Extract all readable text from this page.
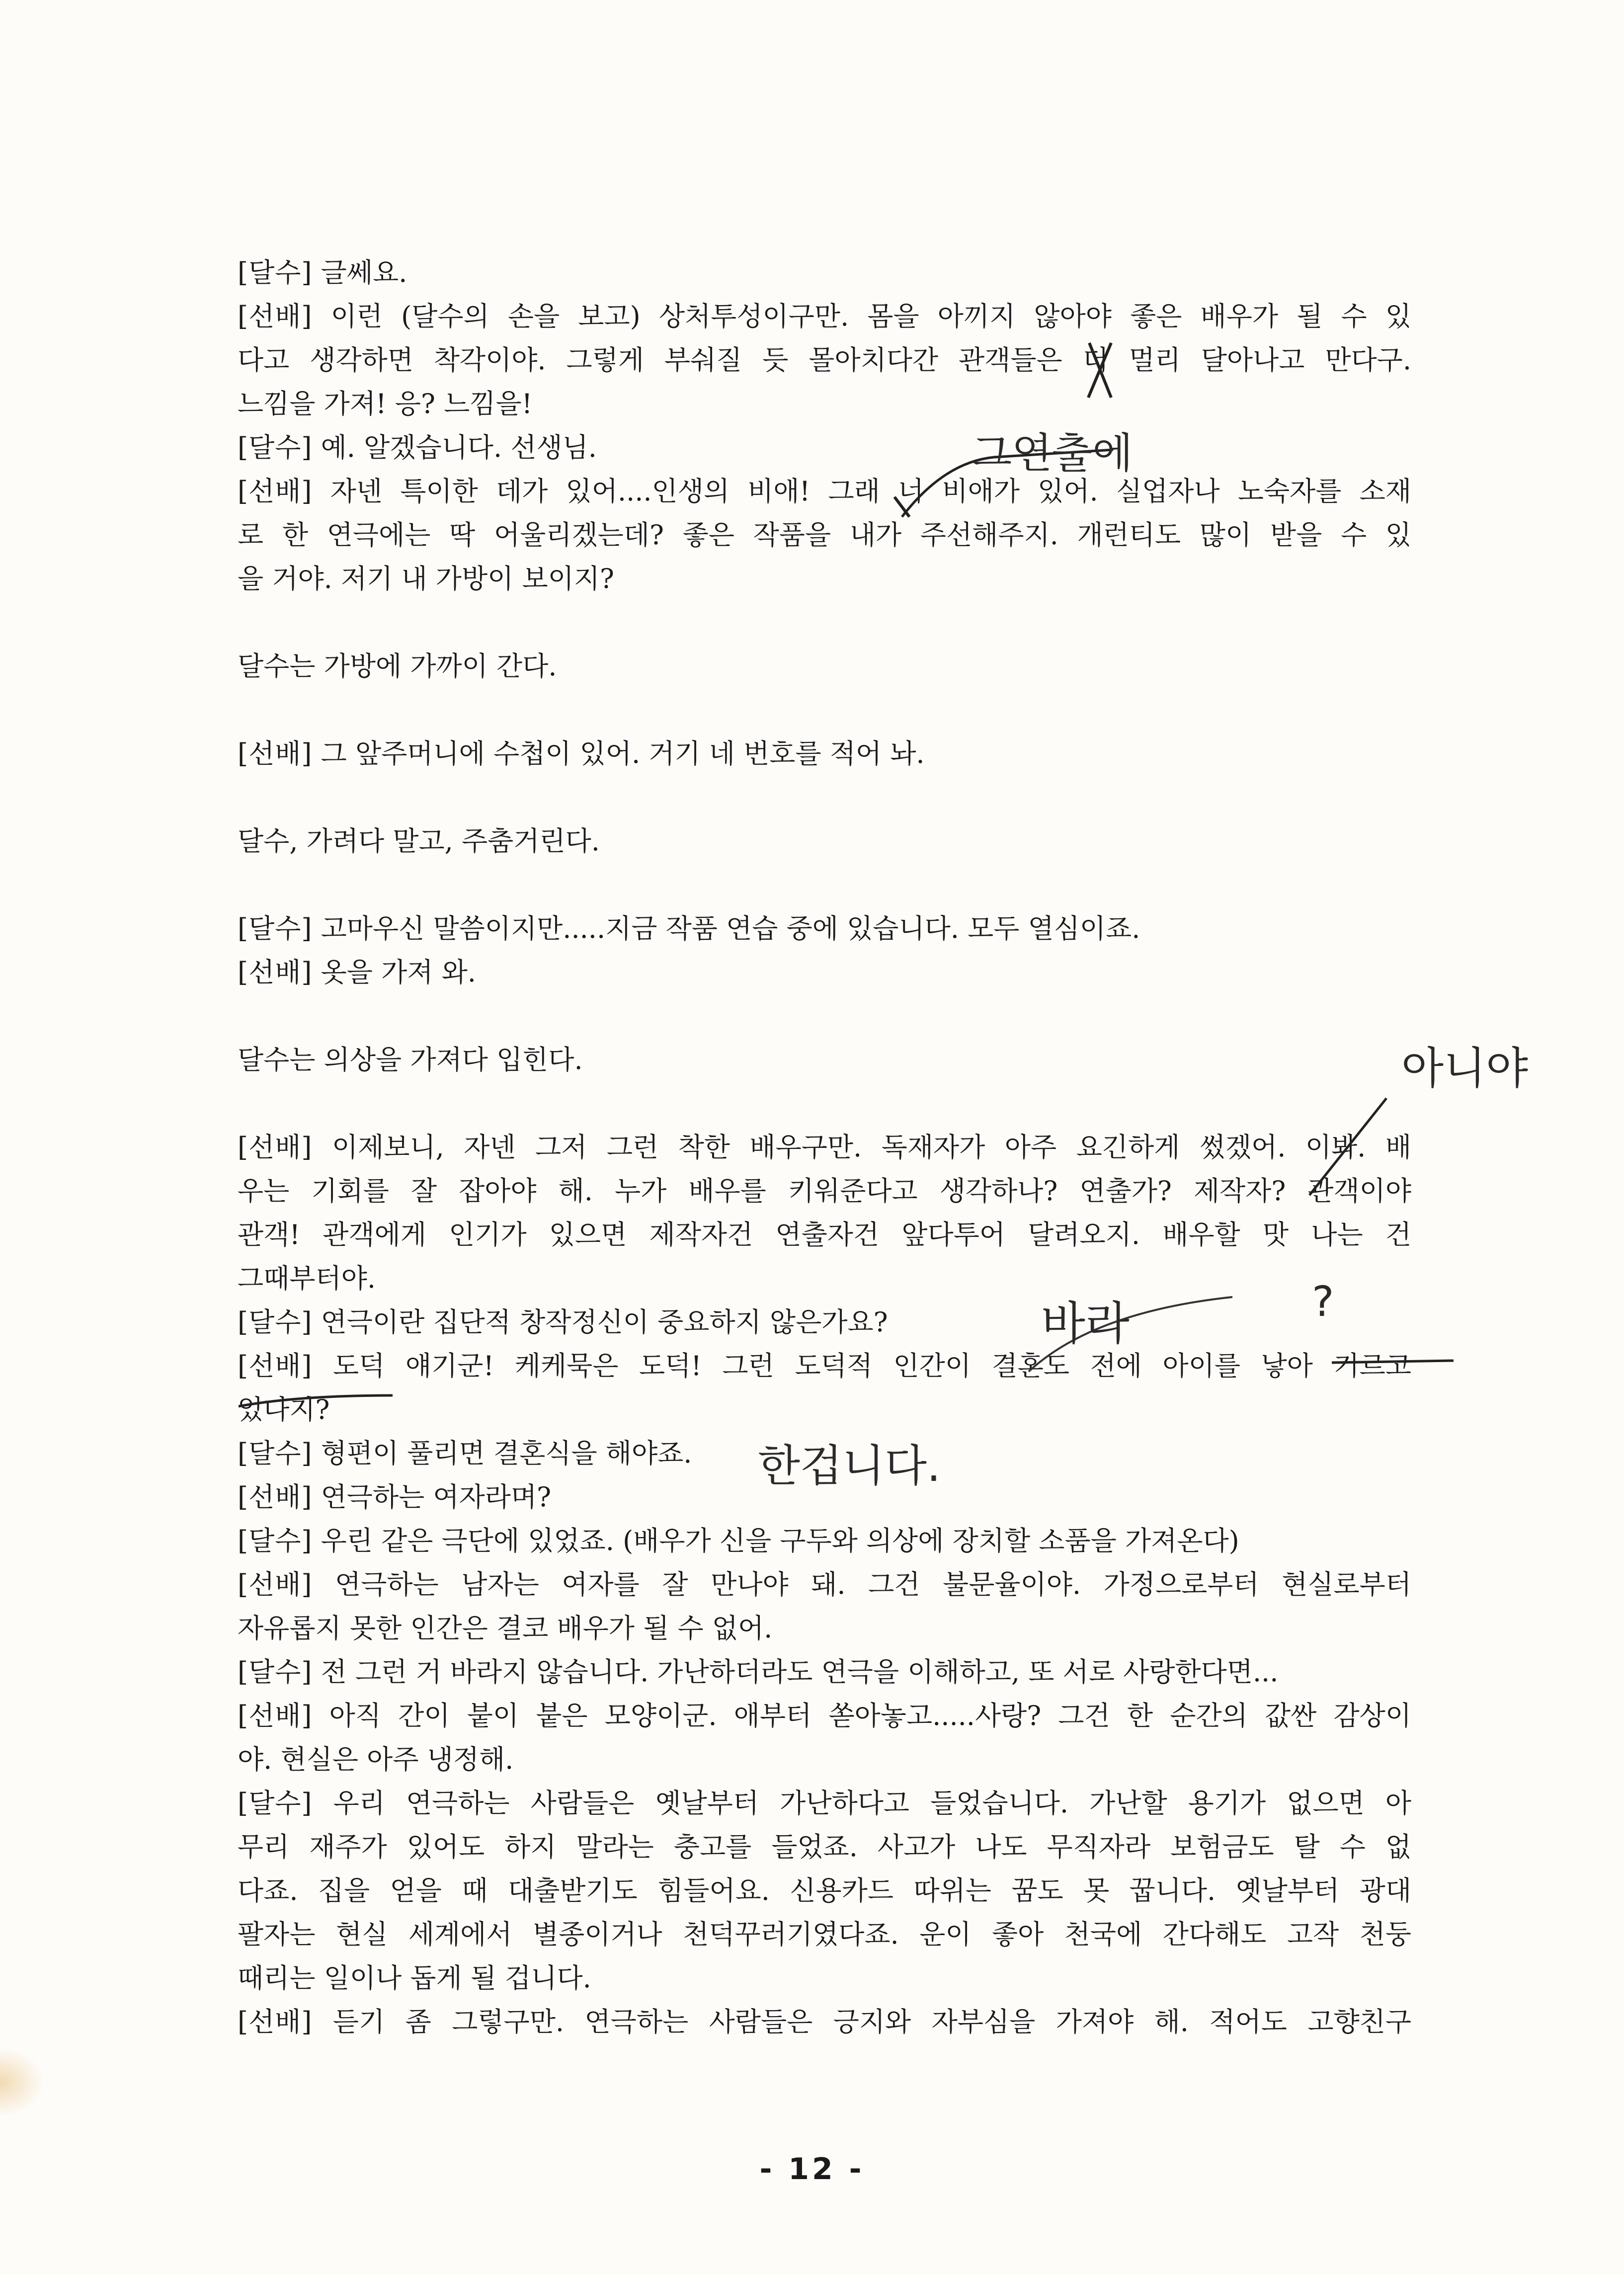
[달수] 글쎄요.
[선배] 이런 (달수의 손을 보고) 상처투성이구만. 몸을 아끼지 않아야 좋은 배우가 될 수 있
다고 생각하면 착각이야. 그렇게 부숴질 듯 몰아치다간 관객들은 더 멀리 달아나고 만다구.
느낌을 가져! 응? 느낌을!
[달수] 예. 알겠습니다. 선생님.
[선배] 자넨 특이한 데가 있어....인생의 비애! 그래 너 비애가 있어. 실업자나 노숙자를 소재
로 한 연극에는 딱 어울리겠는데? 좋은 작품을 내가 주선해주지. 개런티도 많이 받을 수 있
을 거야. 저기 내 가방이 보이지?
달수는 가방에 가까이 간다.
[선배] 그 앞주머니에 수첩이 있어. 거기 네 번호를 적어 놔.
달수, 가려다 말고, 주춤거린다.
[달수] 고마우신 말씀이지만.....지금 작품 연습 중에 있습니다. 모두 열심이죠.
[선배] 옷을 가져 와.
달수는 의상을 가져다 입힌다.
[선배] 이제보니, 자넨 그저 그런 착한 배우구만. 독재자가 아주 요긴하게 썼겠어. 이봐. 배
우는 기회를 잘 잡아야 해. 누가 배우를 키워준다고 생각하나? 연출가? 제작자? 관객이야
관객! 관객에게 인기가 있으면 제작자건 연출자건 앞다투어 달려오지. 배우할 맛 나는 건
그때부터야.
[달수] 연극이란 집단적 창작정신이 중요하지 않은가요?
[선배] 도덕 얘기군! 케케묵은 도덕! 그런 도덕적 인간이 결혼도 전에 아이를 낳아 기르고
있다지?
[달수] 형편이 풀리면 결혼식을 해야죠.
[선배] 연극하는 여자라며?
[달수] 우린 같은 극단에 있었죠. (배우가 신을 구두와 의상에 장치할 소품을 가져온다)
[선배] 연극하는 남자는 여자를 잘 만나야 돼. 그건 불문율이야. 가정으로부터 현실로부터
자유롭지 못한 인간은 결코 배우가 될 수 없어.
[달수] 전 그런 거 바라지 않습니다. 가난하더라도 연극을 이해하고, 또 서로 사랑한다면...
[선배] 아직 간이 붙이 붙은 모양이군. 애부터 쏟아놓고.....사랑? 그건 한 순간의 값싼 감상이
야. 현실은 아주 냉정해.
[달수] 우리 연극하는 사람들은 옛날부터 가난하다고 들었습니다. 가난할 용기가 없으면 아
무리 재주가 있어도 하지 말라는 충고를 들었죠. 사고가 나도 무직자라 보험금도 탈 수 없
다죠. 집을 얻을 때 대출받기도 힘들어요. 신용카드 따위는 꿈도 못 꿉니다. 옛날부터 광대
팔자는 현실 세계에서 별종이거나 천덕꾸러기였다죠. 운이 좋아 천국에 간다해도 고작 천둥
때리는 일이나 돕게 될 겁니다.
[선배] 듣기 좀 그렇구만. 연극하는 사람들은 긍지와 자부심을 가져야 해. 적어도 고향친구
그연출에
아니야
바라	?
한겁니다.
- 12 -
